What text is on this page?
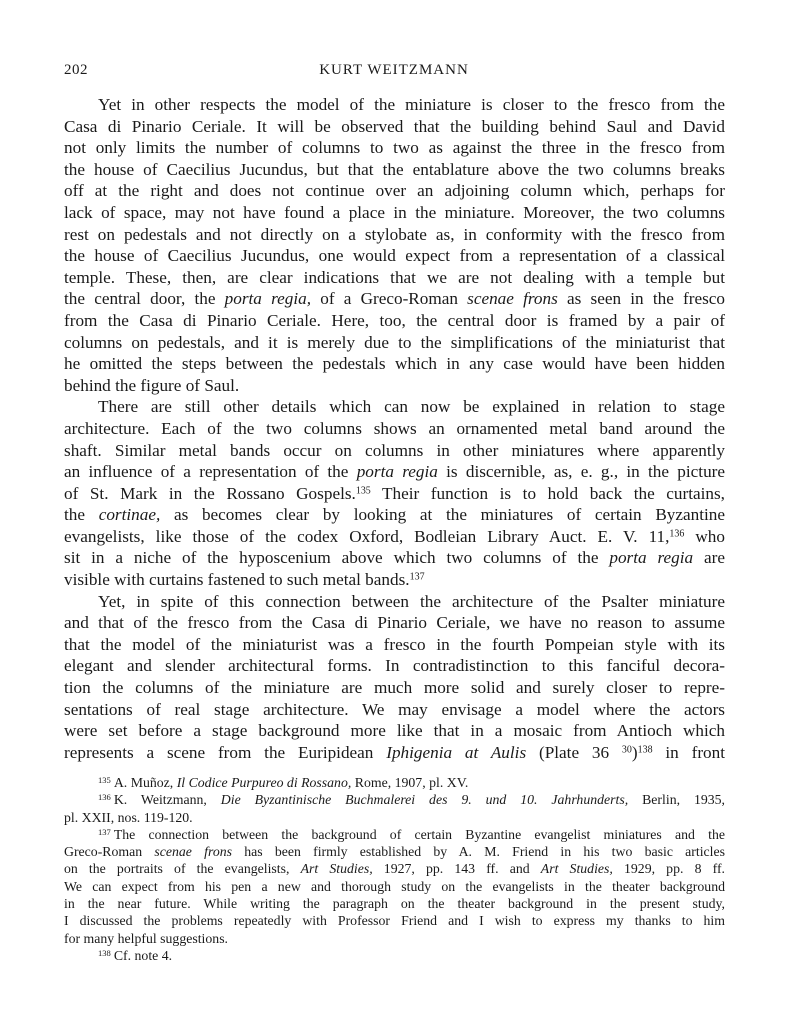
202	KURT WEITZMANN
Yet in other respects the model of the miniature is closer to the fresco from the
Casa di Pinario Ceriale. It will be observed that the building behind Saul and David
not only limits the number of columns to two as against the three in the fresco from
the house of Caecilius Jucundus, but that the entablature above the two columns breaks
off at the right and does not continue over an adjoining column which, perhaps for
lack of space, may not have found a place in the miniature. Moreover, the two columns
rest on pedestals and not directly on a stylobate as, in conformity with the fresco from
the house of Caecilius Jucundus, one would expect from a representation of a classical
temple. These, then, are clear indications that we are not dealing with a temple but
the central door, the porta regia, of a Greco-Roman scenae frons as seen in the fresco
from the Casa di Pinario Ceriale. Here, too, the central door is framed by a pair of
columns on pedestals, and it is merely due to the simplifications of the miniaturist that
he omitted the steps between the pedestals which in any case would have been hidden
behind the figure of Saul.
There are still other details which can now be explained in relation to stage
architecture. Each of the two columns shows an ornamented metal band around the
shaft. Similar metal bands occur on columns in other miniatures where apparently
an influence of a representation of the porta regia is discernible, as, e. g., in the picture
of St. Mark in the Rossano Gospels.$^{135}$ Their function is to hold back the curtains,
the cortinae, as becomes clear by looking at the miniatures of certain Byzantine
evangelists, like those of the codex Oxford, Bodleian Library Auct. E. V. 11,$^{136}$ who
sit in a niche of the hyposcenium above which two columns of the porta regia are
visible with curtains fastened to such metal bands.$^{137}$
Yet, in spite of this connection between the architecture of the Psalter miniature
and that of the fresco from the Casa di Pinario Ceriale, we have no reason to assume
that the model of the miniaturist was a fresco in the fourth Pompeian style with its
elegant and slender architectural forms. In contradistinction to this fanciful decora-
tion the columns of the miniature are much more solid and surely closer to repre-
sentations of real stage architecture. We may envisage a model where the actors
were set before a stage background more like that in a mosaic from Antioch which
represents a scene from the Euripidean Iphigenia at Aulis (Plate 36 $^{30}$)$^{138}$ in front
$^{135}$ A. Muñoz, Il Codice Purpureo di Rossano, Rome, 1907, pl. XV.
$^{136}$ K. Weitzmann, Die Byzantinische Buchmalerei des 9. und 10. Jahrhunderts, Berlin, 1935,
pl. XXII, nos. 119-120.
$^{137}$ The connection between the background of certain Byzantine evangelist miniatures and the
Greco-Roman scenae frons has been firmly established by A. M. Friend in his two basic articles
on the portraits of the evangelists, Art Studies, 1927, pp. 143 ff. and Art Studies, 1929, pp. 8 ff.
We can expect from his pen a new and thorough study on the evangelists in the theater background
in the near future. While writing the paragraph on the theater background in the present study,
I discussed the problems repeatedly with Professor Friend and I wish to express my thanks to him
for many helpful suggestions.
$^{138}$ Cf. note 4.
